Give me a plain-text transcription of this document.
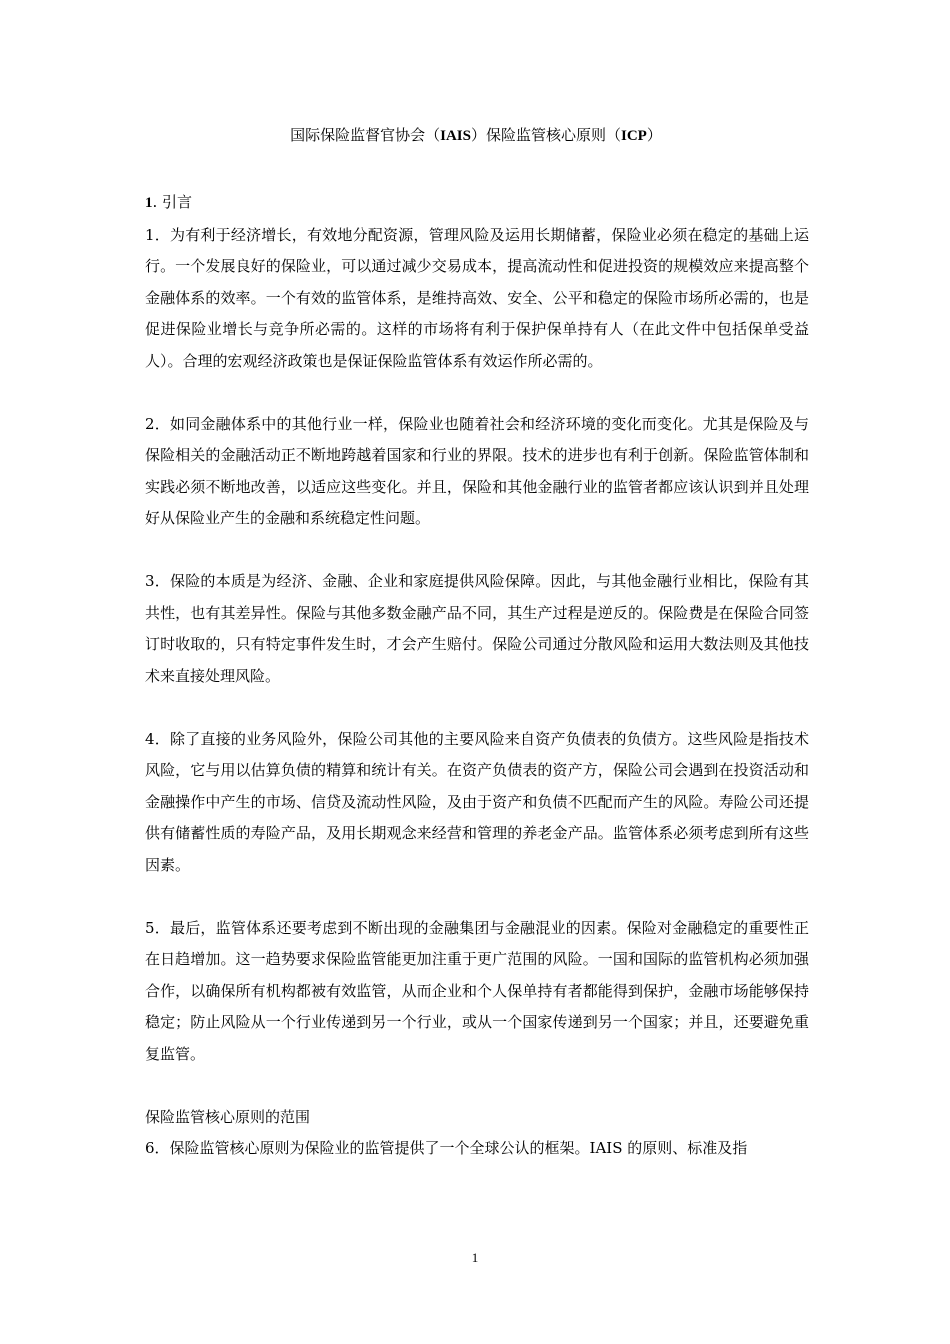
国际保险监督官协会（IAIS）保险监管核心原则（ICP）

1. 引言

1．为有利于经济增长，有效地分配资源，管理风险及运用长期储蓄，保险业必须在稳定的基础上运行。一个发展良好的保险业，可以通过减少交易成本，提高流动性和促进投资的规模效应来提高整个金融体系的效率。一个有效的监管体系，是维持高效、安全、公平和稳定的保险市场所必需的，也是促进保险业增长与竞争所必需的。这样的市场将有利于保护保单持有人（在此文件中包括保单受益人）。合理的宏观经济政策也是保证保险监管体系有效运作所必需的。

2．如同金融体系中的其他行业一样，保险业也随着社会和经济环境的变化而变化。尤其是保险及与保险相关的金融活动正不断地跨越着国家和行业的界限。技术的进步也有利于创新。保险监管体制和实践必须不断地改善，以适应这些变化。并且，保险和其他金融行业的监管者都应该认识到并且处理好从保险业产生的金融和系统稳定性问题。

3．保险的本质是为经济、金融、企业和家庭提供风险保障。因此，与其他金融行业相比，保险有其共性，也有其差异性。保险与其他多数金融产品不同，其生产过程是逆反的。保险费是在保险合同签订时收取的，只有特定事件发生时，才会产生赔付。保险公司通过分散风险和运用大数法则及其他技术来直接处理风险。

4．除了直接的业务风险外，保险公司其他的主要风险来自资产负债表的负债方。这些风险是指技术风险，它与用以估算负债的精算和统计有关。在资产负债表的资产方，保险公司会遇到在投资活动和金融操作中产生的市场、信贷及流动性风险，及由于资产和负债不匹配而产生的风险。寿险公司还提供有储蓄性质的寿险产品，及用长期观念来经营和管理的养老金产品。监管体系必须考虑到所有这些因素。

5．最后，监管体系还要考虑到不断出现的金融集团与金融混业的因素。保险对金融稳定的重要性正在日趋增加。这一趋势要求保险监管能更加注重于更广范围的风险。一国和国际的监管机构必须加强合作，以确保所有机构都被有效监管，从而企业和个人保单持有者都能得到保护，金融市场能够保持稳定；防止风险从一个行业传递到另一个行业，或从一个国家传递到另一个国家；并且，还要避免重复监管。

保险监管核心原则的范围

6．保险监管核心原则为保险业的监管提供了一个全球公认的框架。IAIS 的原则、标准及指

1
